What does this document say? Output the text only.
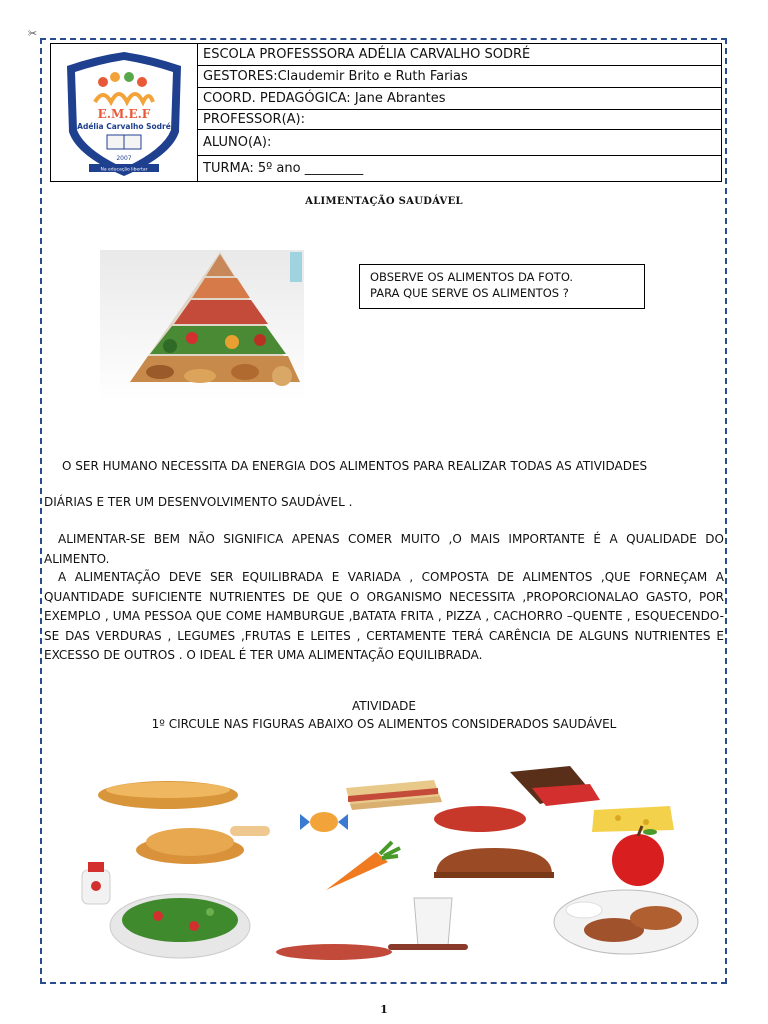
✂
E.M.E.F
Adélia Carvalho Sodré
2007
Na educação libertar
ESCOLA PROFESSSORA ADÉLIA CARVALHO SODRÉ
GESTORES:Claudemir Brito e Ruth Farias
COORD. PEDAGÓGICA: Jane Abrantes
PROFESSOR(A):
ALUNO(A):
TURMA: 5º ano _________
ALIMENTAÇÃO SAUDÁVEL
OBSERVE OS ALIMENTOS DA FOTO.
PARA QUE SERVE OS ALIMENTOS ?
O SER HUMANO NECESSITA DA ENERGIA DOS ALIMENTOS PARA REALIZAR TODAS AS ATIVIDADES
DIÁRIAS E TER UM DESENVOLVIMENTO SAUDÁVEL .
ALIMENTAR-SE BEM NÃO SIGNIFICA APENAS COMER MUITO ,O MAIS IMPORTANTE É A QUALIDADE DO ALIMENTO.
A ALIMENTAÇÃO DEVE SER EQUILIBRADA E VARIADA , COMPOSTA DE ALIMENTOS ,QUE FORNEÇAM A QUANTIDADE SUFICIENTE NUTRIENTES DE QUE O ORGANISMO NECESSITA ,PROPORCIONALAO GASTO, POR EXEMPLO , UMA PESSOA QUE COME HAMBURGUE ,BATATA FRITA , PIZZA , CACHORRO –QUENTE , ESQUECENDO-SE DAS VERDURAS , LEGUMES ,FRUTAS E LEITES , CERTAMENTE TERÁ CARÊNCIA DE ALGUNS NUTRIENTES E EXCESSO DE OUTROS . O IDEAL É TER UMA ALIMENTAÇÃO EQUILIBRADA.
ATIVIDADE
1º CIRCULE NAS FIGURAS ABAIXO OS ALIMENTOS CONSIDERADOS SAUDÁVEL
1
